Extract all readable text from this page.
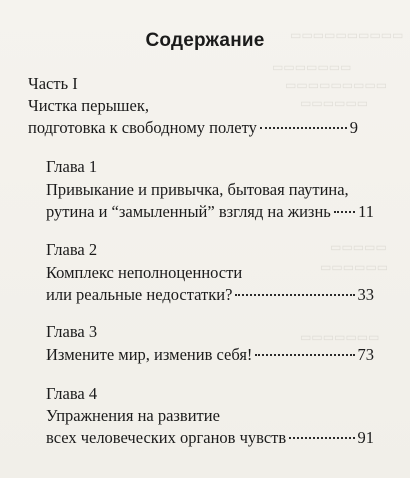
▭▭▭▭▭▭▭▭▭▭
▭▭▭▭▭▭▭
▭▭▭▭▭▭▭▭▭
▭▭▭▭▭▭
▭▭▭▭▭
▭▭▭▭▭▭
▭▭▭▭▭▭▭
Содержание
Часть I
Чистка перышек,
подготовка к свободному полету	9
Глава 1
Привыкание и привычка, бытовая паутина,
рутина и “замыленный” взгляд на жизнь 11
Глава 2
Комплекс неполноценности
или реальные недостатки?	33
Глава 3
Измените мир, изменив себя!	73
Глава 4
Упражнения на развитие
всех человеческих органов чувств	91
